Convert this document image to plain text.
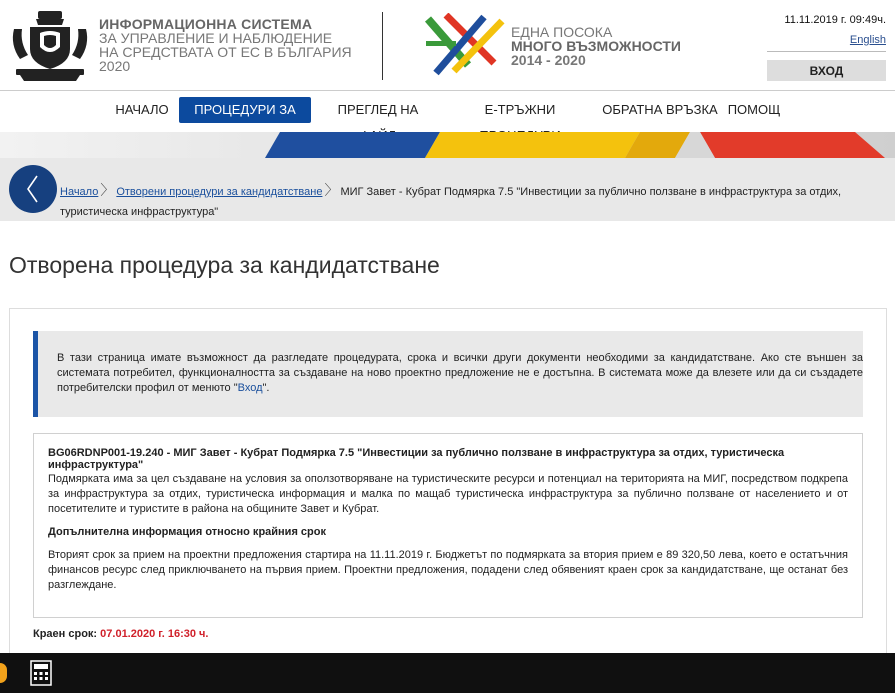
ИНФОРМАЦИОННА СИСТЕМА
ЗА УПРАВЛЕНИЕ И НАБЛЮДЕНИЕ
НА СРЕДСТВАТА ОТ ЕС В БЪЛГАРИЯ
2020
ЕДНА ПОСОКА
МНОГО ВЪЗМОЖНОСТИ
2014 - 2020
11.11.2019 г. 09:49ч.
English
ВХОД
НАЧАЛО	ПРОЦЕДУРИ ЗА	ПРЕГЛЕД НА	Е-ТРЪЖНИ	ОБРАТНА ВРЪЗКА ПОМОЩ
Начало 〉 Отворени процедури за кандидатстване 〉 МИГ Завет - Кубрат Подмярка 7.5 "Инвестиции за публично ползване в инфраструктура за отдих, туристическа инфраструктура"
Отворена процедура за кандидатстване
В тази страница имате възможност да разгледате процедурата, срока и всички други документи необходими за кандидатстване. Ако сте външен за системата потребител, функционалността за създаване на ново проектно предложение не е достъпна. В системата може да влезете или да си създадете потребителски профил от менюто "Вход".
BG06RDNP001-19.240 - МИГ Завет - Кубрат Подмярка 7.5 "Инвестиции за публично ползване в инфраструктура за отдих, туристическа инфраструктура"
Подмярката има за цел създаване на условия за оползотворяване на туристическите ресурси и потенциал на територията на МИГ, посредством подкрепа за инфраструктура за отдих, туристическа информация и малка по мащаб туристическа инфраструктура за публично ползване от населението и от посетителите и туристите в района на общините Завет и Кубрат.
Допълнителна информация относно крайния срок
Вторият срок за прием на проектни предложения стартира на 11.11.2019 г. Бюджетът по подмярката за втория прием е 89 320,50 лева, което е остатъчния финансов ресурс след приключването на първия прием. Проектни предложения, подадени след обявеният краен срок за кандидатстване, ще останат без разглеждане.
Краен срок: 07.01.2020 г. 16:30 ч.
